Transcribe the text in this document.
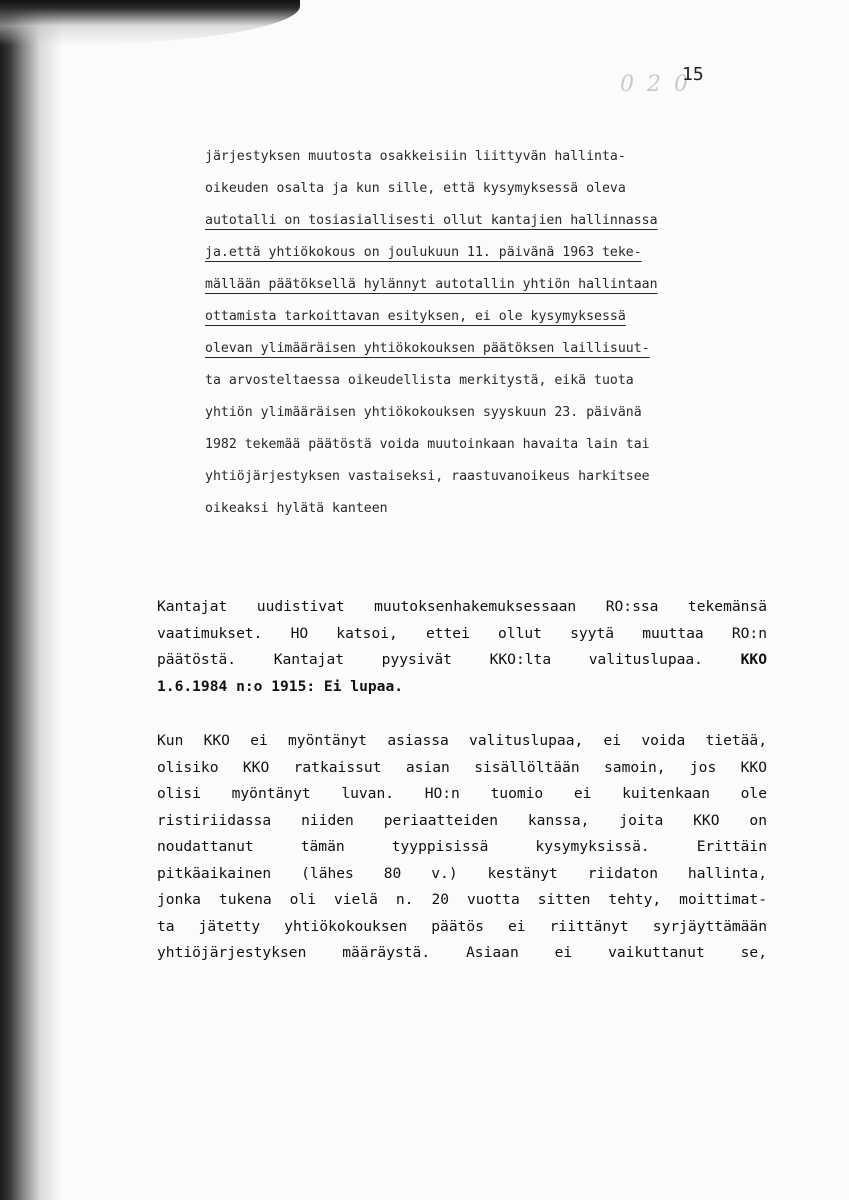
0 2 0
15
järjestyksen muutosta osakkeisiin liittyvän hallinta-
oikeuden osalta ja kun sille, että kysymyksessä oleva
autotalli on tosiasiallisesti ollut kantajien hallinnassa
ja.että yhtiökokous on joulukuun 11. päivänä 1963 teke-
mällään päätöksellä hylännyt autotallin yhtiön hallintaan
ottamista tarkoittavan esityksen, ei ole kysymyksessä
olevan ylimääräisen yhtiökokouksen päätöksen laillisuut-
ta arvosteltaessa oikeudellista merkitystä, eikä tuota
yhtiön ylimääräisen yhtiökokouksen syyskuun 23. päivänä
1982 tekemää päätöstä voida muutoinkaan havaita lain tai
yhtiöjärjestyksen vastaiseksi, raastuvanoikeus harkitsee
oikeaksi hylätä kanteen
Kantajat uudistivat muutoksenhakemuksessaan RO:ssa tekemänsä
vaatimukset. HO katsoi, ettei ollut syytä muuttaa RO:n
päätöstä. Kantajat pyysivät KKO:lta valituslupaa.	KKO
1.6.1984 n:o 1915: Ei lupaa.
Kun KKO ei myöntänyt asiassa valituslupaa, ei voida tietää,
olisiko KKO ratkaissut asian sisällöltään samoin, jos KKO
olisi myöntänyt luvan. HO:n tuomio ei kuitenkaan ole
ristiriidassa niiden periaatteiden kanssa, joita KKO on
noudattanut tämän tyyppisissä kysymyksissä. Erittäin
pitkäaikainen (lähes 80 v.) kestänyt riidaton hallinta,
jonka tukena oli vielä n. 20 vuotta sitten tehty, moittimat-
ta jätetty yhtiökokouksen päätös ei riittänyt syrjäyttämään
yhtiöjärjestyksen määräystä. Asiaan ei vaikuttanut se,
